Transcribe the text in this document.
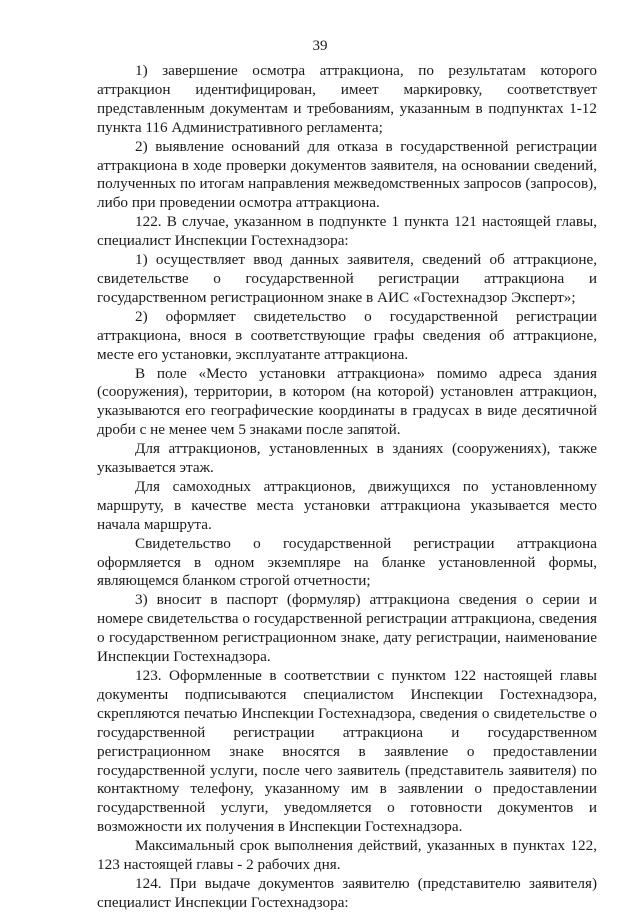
39

1) завершение осмотра аттракциона, по результатам которого аттракцион идентифицирован, имеет маркировку, соответствует представленным документам и требованиям, указанным в подпунктах 1-12 пункта 116 Административного регламента;

2) выявление оснований для отказа в государственной регистрации аттракциона в ходе проверки документов заявителя, на основании сведений, полученных по итогам направления межведомственных запросов (запросов), либо при проведении осмотра аттракциона.

122. В случае, указанном в подпункте 1 пункта 121 настоящей главы, специалист Инспекции Гостехнадзора:

1) осуществляет ввод данных заявителя, сведений об аттракционе, свидетельстве о государственной регистрации аттракциона и государственном регистрационном знаке в АИС «Гостехнадзор Эксперт»;

2) оформляет свидетельство о государственной регистрации аттракциона, внося в соответствующие графы сведения об аттракционе, месте его установки, эксплуатанте аттракциона.

В поле «Место установки аттракциона» помимо адреса здания (сооружения), территории, в котором (на которой) установлен аттракцион, указываются его географические координаты в градусах в виде десятичной дроби с не менее чем 5 знаками после запятой.

Для аттракционов, установленных в зданиях (сооружениях), также указывается этаж.

Для самоходных аттракционов, движущихся по установленному маршруту, в качестве места установки аттракциона указывается место начала маршрута.

Свидетельство о государственной регистрации аттракциона оформляется в одном экземпляре на бланке установленной формы, являющемся бланком строгой отчетности;

3) вносит в паспорт (формуляр) аттракциона сведения о серии и номере свидетельства о государственной регистрации аттракциона, сведения о государственном регистрационном знаке, дату регистрации, наименование Инспекции Гостехнадзора.

123. Оформленные в соответствии с пунктом 122 настоящей главы документы подписываются специалистом Инспекции Гостехнадзора, скрепляются печатью Инспекции Гостехнадзора, сведения о свидетельстве о государственной регистрации аттракциона и государственном регистрационном знаке вносятся в заявление о предоставлении государственной услуги, после чего заявитель (представитель заявителя) по контактному телефону, указанному им в заявлении о предоставлении государственной услуги, уведомляется о готовности документов и возможности их получения в Инспекции Гостехнадзора.

Максимальный срок выполнения действий, указанных в пунктах 122, 123 настоящей главы - 2 рабочих дня.

124. При выдаче документов заявителю (представителю заявителя) специалист Инспекции Гостехнадзора:
